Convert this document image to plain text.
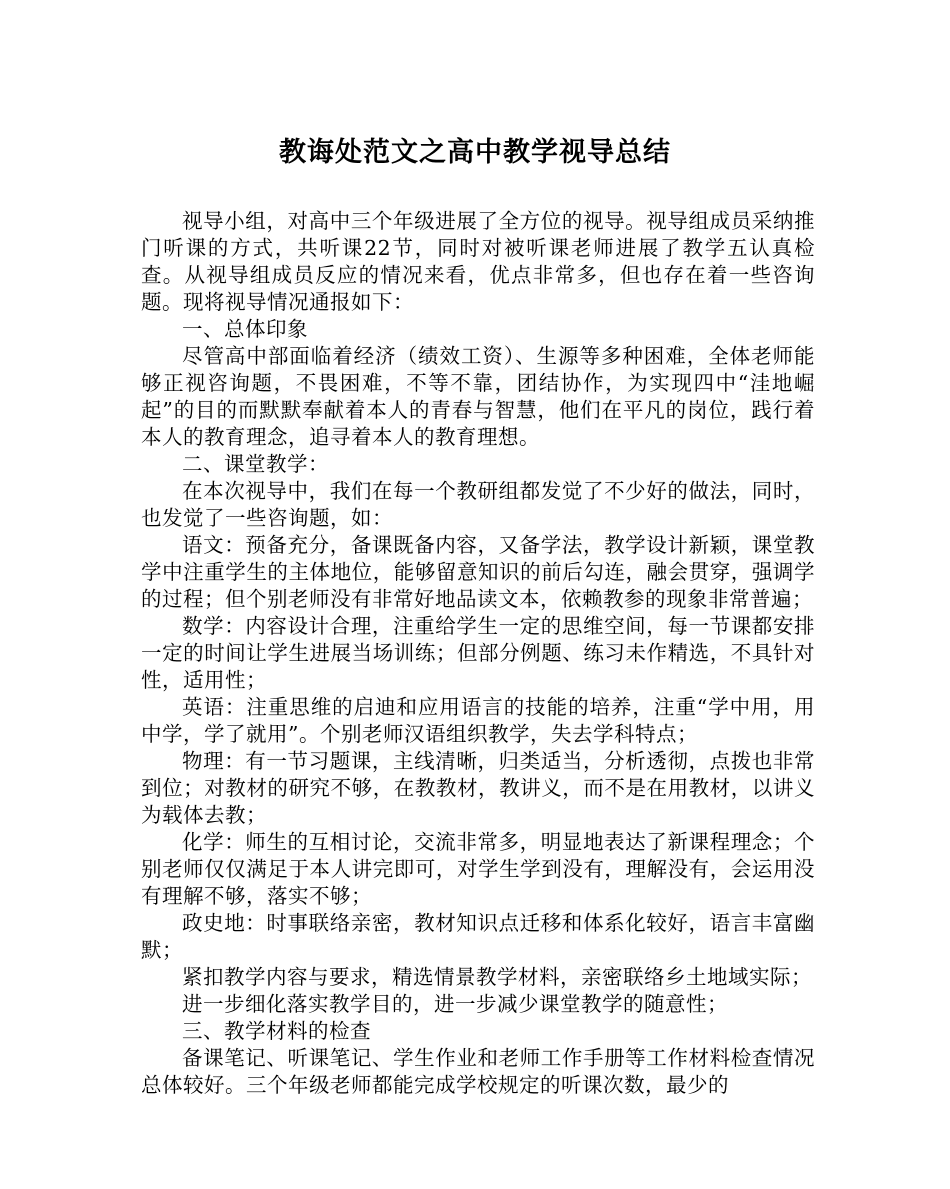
教诲处范文之高中教学视导总结

视导小组，对高中三个年级进展了全方位的视导。视导组成员采纳推门听课的方式，共听课22节，同时对被听课老师进展了教学五认真检查。从视导组成员反应的情况来看，优点非常多，但也存在着一些咨询题。现将视导情况通报如下：

一、总体印象

尽管高中部面临着经济（绩效工资）、生源等多种困难，全体老师能够正视咨询题，不畏困难，不等不靠，团结协作，为实现四中“洼地崛起”的目的而默默奉献着本人的青春与智慧，他们在平凡的岗位，践行着本人的教育理念，追寻着本人的教育理想。

二、课堂教学：

在本次视导中，我们在每一个教研组都发觉了不少好的做法，同时，也发觉了一些咨询题，如：

语文：预备充分，备课既备内容，又备学法，教学设计新颖，课堂教学中注重学生的主体地位，能够留意知识的前后勾连，融会贯穿，强调学的过程；但个别老师没有非常好地品读文本，依赖教参的现象非常普遍；

数学：内容设计合理，注重给学生一定的思维空间，每一节课都安排一定的时间让学生进展当场训练；但部分例题、练习未作精选，不具针对性，适用性；

英语：注重思维的启迪和应用语言的技能的培养，注重“学中用，用中学，学了就用”。个别老师汉语组织教学，失去学科特点；

物理：有一节习题课，主线清晰，归类适当，分析透彻，点拨也非常到位；对教材的研究不够，在教教材，教讲义，而不是在用教材，以讲义为载体去教；

化学：师生的互相讨论，交流非常多，明显地表达了新课程理念；个别老师仅仅满足于本人讲完即可，对学生学到没有，理解没有，会运用没有理解不够，落实不够；

政史地：时事联络亲密，教材知识点迁移和体系化较好，语言丰富幽默；

紧扣教学内容与要求，精选情景教学材料，亲密联络乡土地域实际；

进一步细化落实教学目的，进一步减少课堂教学的随意性；

三、教学材料的检查

备课笔记、听课笔记、学生作业和老师工作手册等工作材料检查情况总体较好。三个年级老师都能完成学校规定的听课次数，最少的
